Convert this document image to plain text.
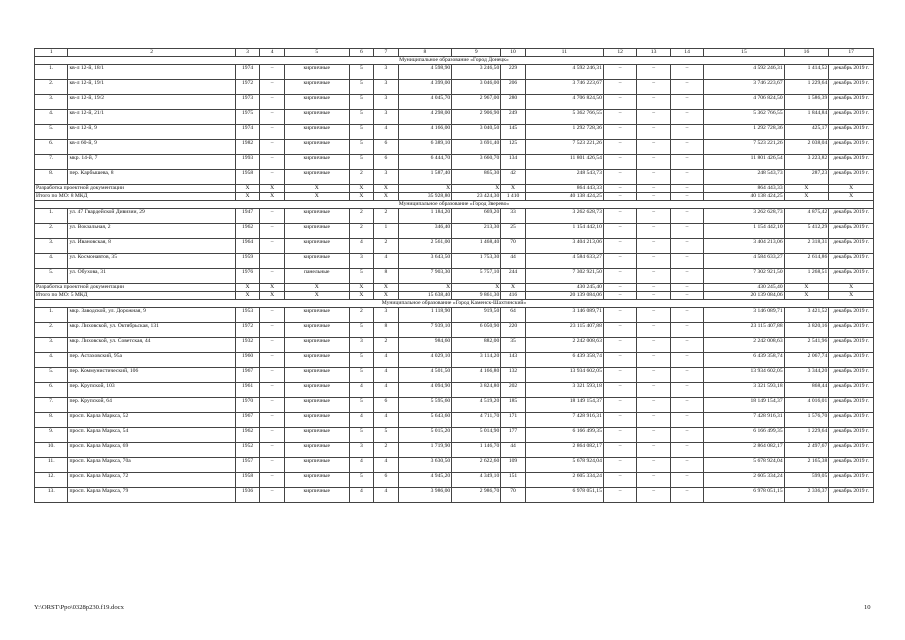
1	2	3	4	5	6	7	8	9	10	11	12	13	14	15	16	17
Муниципальное образование «Город Донецк»																
1.	кв-л 12-й, 18/1	1974	–	кирпичные	5	3	4 598,90	3 246,50	229	4 592 246,31	–	–	–	4 592 246,31	1 414,52	декабрь 2019 г.
2.	кв-л 12-й, 19/1	1972	–	кирпичные	5	3	4 399,00	3 046,00	206	3 746 223,67	–	–	–	3 746 223,67	1 229,64	декабрь 2019 г.
3.	кв-л 12-й, 19/2	1973	–	кирпичные	5	3	4 045,70	2 967,00	280	4 706 824,50	–	–	–	4 706 824,50	1 586,39	декабрь 2019 г.
4.	кв-л 12-й, 21/1	1975	–	кирпичные	5	3	4 298,00	2 906,90	249	5 362 766,55	–	–	–	5 362 766,55	1 844,84	декабрь 2019 г.
5.	кв-л 12-й, 9	1974	–	кирпичные	5	4	4 166,00	3 040,50	145	1 292 728,36	–	–	–	1 292 728,36	425,17	декабрь 2019 г.
6.	кв-л 60-й, 9	1982	–	кирпичные	5	6	6 389,10	3 691,40	125	7 523 221,26	–	–	–	7 523 221,26	2 038,04	декабрь 2019 г.
7.	мкр. 14-й, 7	1993	–	кирпичные	5	6	6 444,70	3 660,70	134	11 801 426,54	–	–	–	11 801 426,54	3 223,82	декабрь 2019 г.
8.	пер. Карбышева, 8	1958	–	кирпичные	2	3	1 587,40	865,30	42	248 543,73	–	–	–	248 543,73	287,23	декабрь 2019 г.
Разработка проектной документации		X	X	X	X	X	X	X	X	864 443,33	–	–	–	864 443,33	X	X
Итого по МО: 8 МКД		X	X	X	X	X	35 928,80	23 424,30	1 410	40 138 424,25	–	–	–	40 138 424,25	X	X
Муниципальное образование «Город Зверево»																
1.	ул. 47 Гвардейской Дивизии, 29	1947	–	кирпичные	2	2	1 184,20	669,20	33	3 262 628,73	–	–	–	3 262 628,73	4 875,42	декабрь 2019 г.
2.	ул. Вокзальная, 2	1962	–	кирпичные	2	1	346,40	213,30	25	1 154 442,10	–	–	–	1 154 442,10	5 412,29	декабрь 2019 г.
3.	ул. Ивановская, 8	1964	–	кирпичные	4	2	2 561,00	1 468,40	70	3 404 213,06	–	–	–	3 404 213,06	2 318,31	декабрь 2019 г.
4.	ул. Космонавтов, 35	1959		кирпичные	3	4	3 643,50	1 753,30	44	4 584 633,27	–	–	–	4 584 633,27	2 614,86	декабрь 2019 г.
5.	ул. Обухова, 31	1976	–	панельные	5	8	7 903,30	5 757,10	244	7 302 921,50	–	–	–	7 302 921,50	1 268,51	декабрь 2019 г.
Разработка проектной документации		X	X	X	X	X	X	X	X	430 245,40	–	–	–	430 245,40	X	X
Итого по МО: 5 МКД		X	X	X	X	X	15 638,40	9 861,30	416	20 139 084,06	–	–	–	20 139 084,06	X	X
Муниципальное образование «Город Каменск-Шахтинский»																
1.	мкр. Заводской, ул. Дорожная, 9	1953	–	кирпичные	2	3	1 118,90	919,50	64	3 146 089,71	–	–	–	3 146 089,71	3 421,52	декабрь 2019 г.
2.	мкр. Лиховской, ул. Октябрьская, 131	1972	–	кирпичные	5	8	7 939,10	6 050,90	220	23 115 407,88	–	–	–	23 115 407,88	3 820,16	декабрь 2019 г.
3.	мкр. Лиховской, ул. Советская, 44	1932	–	кирпичные	3	2	984,60	882,00	35	2 242 008,63	–	–	–	2 242 008,63	2 541,96	декабрь 2019 г.
4.	пер. Астаховский, 95а	1960	–	кирпичные	5	4	4 029,10	3 114,20	143	6 439 358,74	–	–	–	6 439 358,74	2 067,74	декабрь 2019 г.
5.	пер. Коммунистический, 106	1967	–	кирпичные	5	4	4 501,50	4 166,80	132	13 934 602,05	–	–	–	13 934 602,05	3 344,20	декабрь 2019 г.
6.	пер. Крупской, 103	1961	–	кирпичные	4	4	4 094,90	3 824,80	202	3 321 593,18	–	–	–	3 321 593,18	868,44	декабрь 2019 г.
7.	пер. Крупской, 64	1970	–	кирпичные	5	6	5 595,60	4 519,20	185	18 149 154,37	–	–	–	18 149 154,37	4 016,01	декабрь 2019 г.
8.	просп. Карла Маркса, 52	1967	–	кирпичные	4	4	5 643,60	4 711,70	171	7 428 916,31	–	–	–	7 428 916,31	1 576,70	декабрь 2019 г.
9.	просп. Карла Маркса, 54	1962	–	кирпичные	5	5	5 015,20	5 014,90	177	6 166 499,35	–	–	–	6 166 499,35	1 229,64	декабрь 2019 г.
10.	просп. Карла Маркса, 69	1952	–	кирпичные	3	2	1 719,90	1 146,70	44	2 864 082,17	–	–	–	2 864 082,17	2 497,67	декабрь 2019 г.
11.	просп. Карла Маркса, 70а	1957	–	кирпичные	4	4	3 630,50	2 622,60	109	5 678 924,04	–	–	–	5 678 924,04	2 165,38	декабрь 2019 г.
12.	просп. Карла Маркса, 72	1958	–	кирпичные	5	6	4 945,20	4 349,10	151	2 605 334,24	–	–	–	2 605 334,24	599,05	декабрь 2019 г.
13.	просп. Карла Маркса, 79	1936	–	кирпичные	4	4	3 986,00	2 986,70	70	6 978 051,15	–	–	–	6 978 051,15	2 336,37	декабрь 2019 г.
Y:\ORST\Ppo\0328p230.f19.docx	10
